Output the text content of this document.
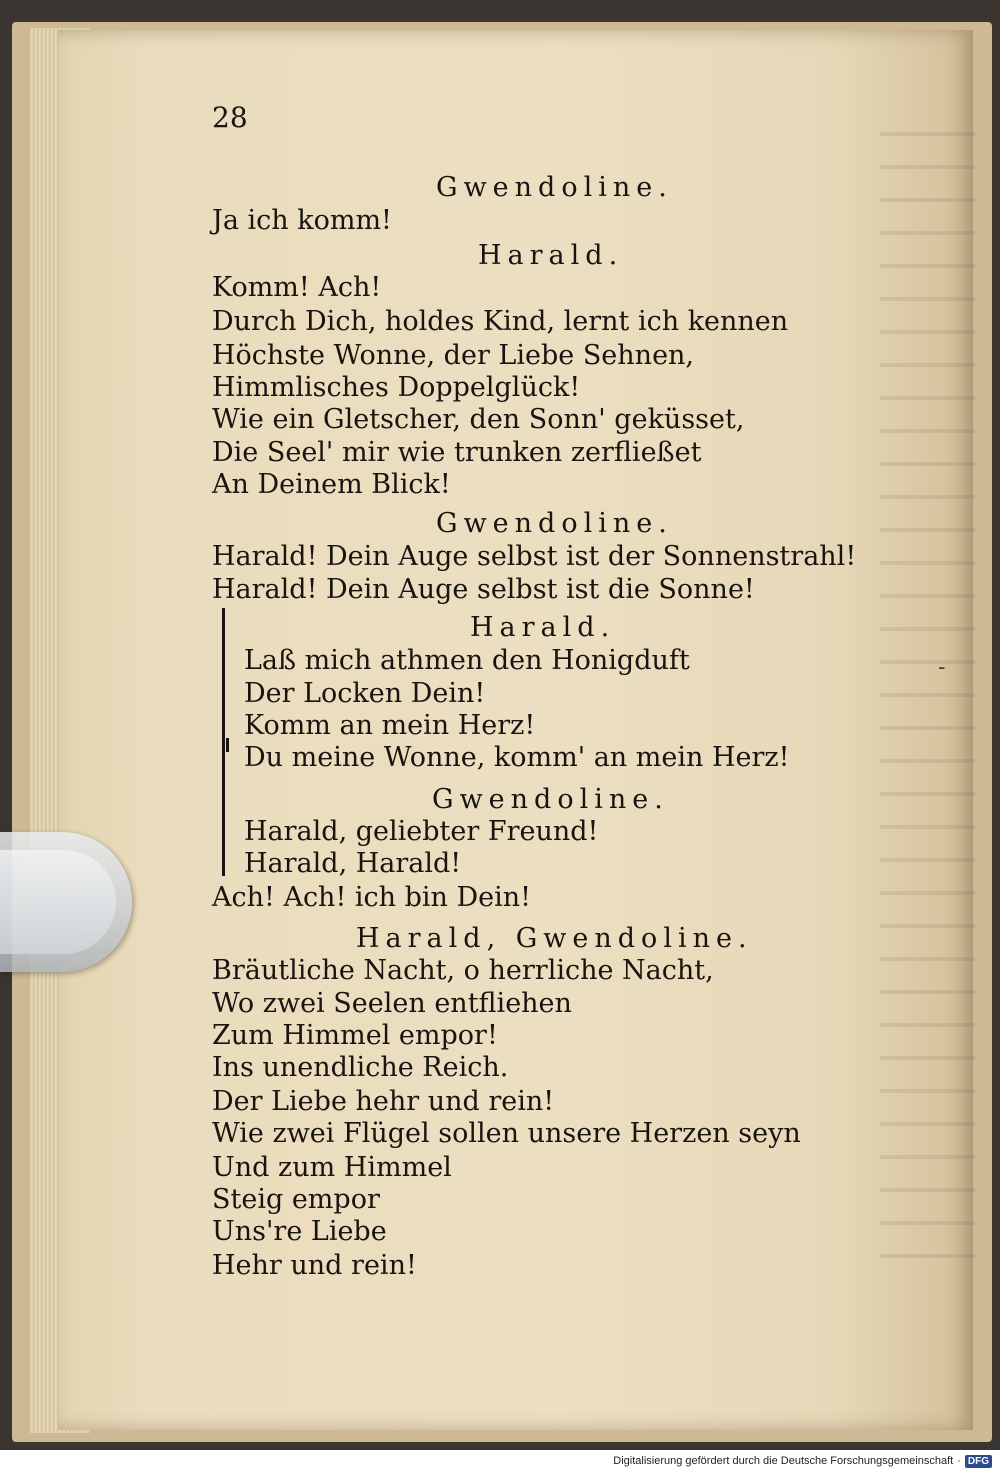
-
28
Gwendoline.
Ja ich komm!
Harald.
Komm! Ach!
Durch Dich, holdes Kind, lernt ich kennen
Höchste Wonne, der Liebe Sehnen,
Himmlisches Doppelglück!
Wie ein Gletscher, den Sonn' geküsset,
Die Seel' mir wie trunken zerfließet
An Deinem Blick!
Gwendoline.
Harald! Dein Auge selbst ist der Sonnenstrahl!
Harald! Dein Auge selbst ist die Sonne!
Harald.
Laß mich athmen den Honigduft
Der Locken Dein!
Komm an mein Herz!
Du meine Wonne, komm' an mein Herz!
Gwendoline.
Harald, geliebter Freund!
Harald, Harald!
Ach! Ach! ich bin Dein!
Harald, Gwendoline.
Bräutliche Nacht, o herrliche Nacht,
Wo zwei Seelen entfliehen
Zum Himmel empor!
Ins unendliche Reich.
Der Liebe hehr und rein!
Wie zwei Flügel sollen unsere Herzen seyn
Und zum Himmel
Steig empor
Uns're Liebe
Hehr und rein!
Digitalisierung gefördert durch die Deutsche Forschungsgemeinschaft · DFG
